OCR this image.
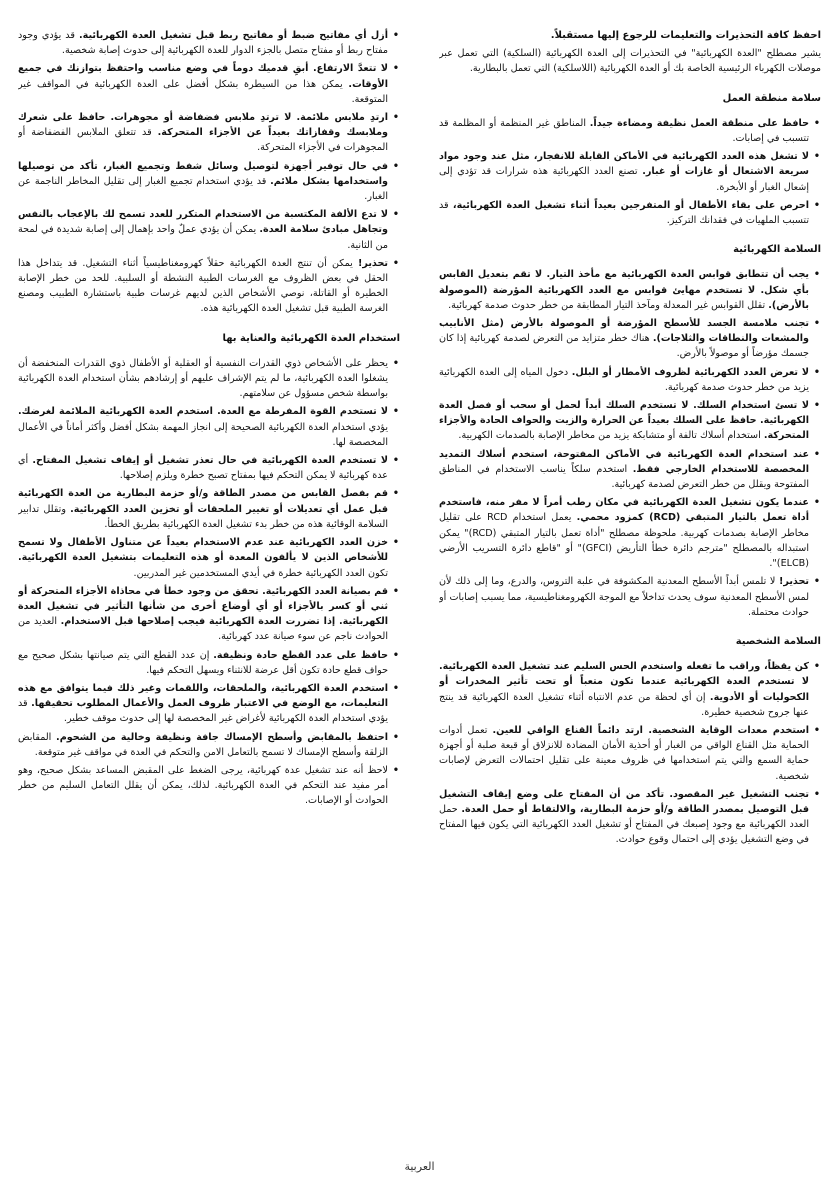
احفظ كافة التحذيرات والتعليمات للرجوع إليها مستقبلاً.

يشير مصطلح "العدة الكهربائية" في التحذيرات إلى العدة الكهربائية (السلكية) التي تعمل عبر موصلات الكهرباء الرئيسية الخاصة بك أو العدة الكهربائية (اللاسلكية) التي تعمل بالبطارية.

سلامة منطقة العمل

• حافظ على منطقة العمل نظيفة ومضاءة جيداً. المناطق غير المنظمة أو المظلمة قد تتسبب في إصابات.
• لا تشغل هذه العدد الكهربائية في الأماكن القابلة للانفجار، مثل عند وجود مواد سريعة الاشتعال أو غازات أو غبار. تصنع العدد الكهربائية هذه شرارات قد تؤدي إلى إشعال الغبار أو الأبخرة.
• احرص على بقاء الأطفال أو المتفرجين بعيداً أثناء تشغيل العدة الكهربائية، قد تتسبب الملهيات في فقدانك التركيز.

السلامة الكهربائية

• يجب أن تتطابق قوابس العدة الكهربائية مع مأخذ التيار. لا تقم بتعديل القابس بأي شكل. لا تستخدم مهايئ قوابس مع العدد الكهربائية المؤرضة (الموصولة بالأرض). تقلل القوابس غير المعدلة ومآخذ التيار المطابقة من خطر حدوث صدمة كهربائية.
• تجنب ملامسة الجسد للأسطح المؤرضة أو الموصولة بالأرض (مثل الأنابيب والمشعات والنطاقات والثلاجات). هناك خطر متزايد من التعرض لصدمة كهربائية إذا كان جسمك مؤرضاً أو موصولاً بالأرض.
• لا تعرض العدد الكهربائية لظروف الأمطار أو البلل. دخول المياه إلى العدة الكهربائية يزيد من خطر حدوث صدمة كهربائية.
• لا تسئ استخدام السلك. لا تستخدم السلك أبداً لحمل أو سحب أو فصل العدة الكهربائية. حافظ على السلك بعيداً عن الحرارة والزيت والحواف الحادة والأجزاء المتحركة. استخدام أسلاك تالفة أو متشابكة يزيد من مخاطر الإصابة بالصدمات الكهربية.
• عند استخدام العدة الكهربائية في الأماكن المفتوحة، استخدم أسلاك التمديد المخصصة للاستخدام الخارجي فقط. استخدم سلكاً يناسب الاستخدام في المناطق المفتوحة ويقلل من خطر التعرض لصدمة كهربائية.
• عندما يكون تشغيل العدة الكهربائية في مكان رطب أمراً لا مفر منه، فاستخدم أداة تعمل بالتيار المتبقي (RCD) كمزود محمي. يعمل استخدام RCD على تقليل مخاطر الإصابة بصدمات كهربية. ملحوظة مصطلح "أداة تعمل بالتيار المتبقي (RCD)" يمكن استبداله بالمصطلح "مترجم دائرة خطأ التأريض (GFCI)" أو "قاطع دائرة التسريب الأرضي (ELCB)".
• تحذير! لا تلمس أبداً الأسطح المعدنية المكشوفة في علبة التروس، والدرع، وما إلى ذلك لأن لمس الأسطح المعدنية سوف يحدث تداخلاً مع الموجة الكهرومغناطيسية، مما يسبب إصابات أو حوادث محتملة.

السلامة الشخصية

• كن يقظاً، وراقب ما تفعله واستخدم الحس السليم عند تشغيل العدة الكهربائية. لا تستخدم العدة الكهربائية عندما تكون متعباً أو تحت تأثير المخدرات أو الكحوليات أو الأدوية. إن أي لحظة من عدم الانتباه أثناء تشغيل العدة الكهربائية قد ينتج عنها جروح شخصية خطيرة.
• استخدم معدات الوقاية الشخصية. ارتد دائماً القناع الواقي للعين. تعمل أدوات الحماية مثل القناع الواقي من الغبار أو أحذية الأمان المضادة للانزلاق أو قبعة صلبة أو أجهزة حماية السمع والتي يتم استخدامها في ظروف معينة على تقليل احتمالات التعرض لإصابات شخصية.
• تجنب التشغيل غير المقصود. تأكد من أن المفتاح على وضع إيقاف التشغيل قبل التوصيل بمصدر الطاقة و/أو حزمة البطارية، والالتقاط أو حمل العدة. حمل العدد الكهربائية مع وجود إصبعك في المفتاح أو تشغيل العدد الكهربائية التي يكون فيها المفتاح في وضع التشغيل يؤدي إلى احتمال وقوع حوادث.
• أزل أي مفاتيح ضبط أو مفاتيح ربط قبل تشغيل العدة الكهربائية. قد يؤدي وجود مفتاح ربط أو مفتاح متصل بالجزء الدوار للعدة الكهربائية إلى حدوث إصابة شخصية.
• لا تتعدَّ الارتفاع. أبقِ قدميك دوماً في وضع مناسب واحتفظ بتوازنك في جميع الأوقات. يمكن هذا من السيطرة بشكل أفضل على العدة الكهربائية في المواقف غير المتوقعة.
• ارتدِ ملابس ملائمة. لا ترتدِ ملابس فضفاضة أو مجوهرات. حافظ على شعرك وملابسك وقفازاتك بعيداً عن الأجزاء المتحركة. قد تتعلق الملابس الفضفاضة أو المجوهرات في الأجزاء المتحركة.
• في حال توفير أجهزة لتوصيل وسائل شفط وتجميع الغبار، تأكد من توصيلها واستخدامها بشكل ملائم. قد يؤدي استخدام تجميع الغبار إلى تقليل المخاطر الناجمة عن الغبار.
• لا تدع الألفة المكتسبة من الاستخدام المتكرر للعدد تسمح لك بالإعجاب بالنفس وتجاهل مبادئ سلامة العدة. يمكن أن يؤدي عملٌ واحد بإهمال إلى إصابة شديدة في لمحة من الثانية.
• تحذير! يمكن أن تنتج العدة الكهربائية حقلاً كهرومغناطيسياً أثناء التشغيل. قد يتداخل هذا الحقل في بعض الظروف مع الغرسات الطبية النشطة أو السلبية. للحد من خطر الإصابة الخطيرة أو القاتلة، نوصي الأشخاص الذين لديهم غرسات طبية باستشارة الطبيب ومصنع الغرسة الطبية قبل تشغيل العدة الكهربائية هذه.

استخدام العدة الكهربائية والعناية بها

• يحظر على الأشخاص ذوي القدرات النفسية أو العقلية أو الأطفال ذوي القدرات المنخفضة أن يشغلوا العدة الكهربائية، ما لم يتم الإشراف عليهم أو إرشادهم بشأن استخدام العدة الكهربائية بواسطة شخص مسؤول عن سلامتهم.
• لا تستخدم القوة المفرطة مع العدة. استخدم العدة الكهربائية الملائمة لغرضك. يؤدي استخدام العدة الكهربائية الصحيحة إلى انجاز المهمة بشكل أفضل وأكثر أماناً في الأعمال المخصصة لها.
• لا تستخدم العدة الكهربائية في حال تعذر تشغيل أو إيقاف تشغيل المفتاح. أي عدة كهربائية لا يمكن التحكم فيها بمفتاح تصبح خطرة ويلزم إصلاحها.
• قم بفصل القابس من مصدر الطاقة و/أو حزمة البطارية من العدة الكهربائية قبل عمل أي تعديلات أو تغيير الملحقات أو تخزين العدد الكهربائية. وتقلل تدابير السلامة الوقائية هذه من خطر بدء تشغيل العدة الكهربائية بطريق الخطأ.
• خزن العدد الكهربائية عند عدم الاستخدام بعيداً عن متناول الأطفال ولا تسمح للأشخاص الذين لا يألفون المعدة أو هذه التعليمات بتشغيل العدة الكهربائية. تكون العدد الكهربائية خطرة في أيدي المستخدمين غير المدربين.
• قم بصيانة العدد الكهربائية. تحقق من وجود خطأ في محاذاة الأجزاء المتحركة أو ثني أو كسر بالأجزاء أو أي أوضاع أخرى من شأنها التأثير في تشغيل العدة الكهربائية. إذا تضررت العدة الكهربائية فيجب إصلاحها قبل الاستخدام. العديد من الحوادث ناجم عن سوء صيانة عدد كهربائية.
• حافظ على عدد القطع حادة ونظيفة. إن عدد القطع التي يتم صيانتها بشكل صحيح مع حواف قطع حادة تكون أقل عرضة للانثناء ويسهل التحكم فيها.
• استخدم العدة الكهربائية، والملحقات، واللقمات وغير ذلك فيما يتوافق مع هذه التعليمات، مع الوضع في الاعتبار ظروف العمل والأعمال المطلوب تحقيقها. قد يؤدي استخدام العدة الكهربائية لأغراض غير المخصصة لها إلى حدوث موقف خطير.
• احتفظ بالمقابض وأسطح الإمساك جافة ونظيفة وخالية من الشحوم. المقابض الزلقة وأسطح الإمساك لا تسمح بالتعامل الامن والتحكم في العدة في مواقف غير متوقعة.
• لاحظ أنه عند تشغيل عدة كهربائية، يرجى الضغط على المقبض المساعد بشكل صحيح، وهو أمر مفيد عند التحكم في العدة الكهربائية. لذلك، يمكن أن يقلل التعامل السليم من خطر الحوادث أو الإصابات.
العربية
